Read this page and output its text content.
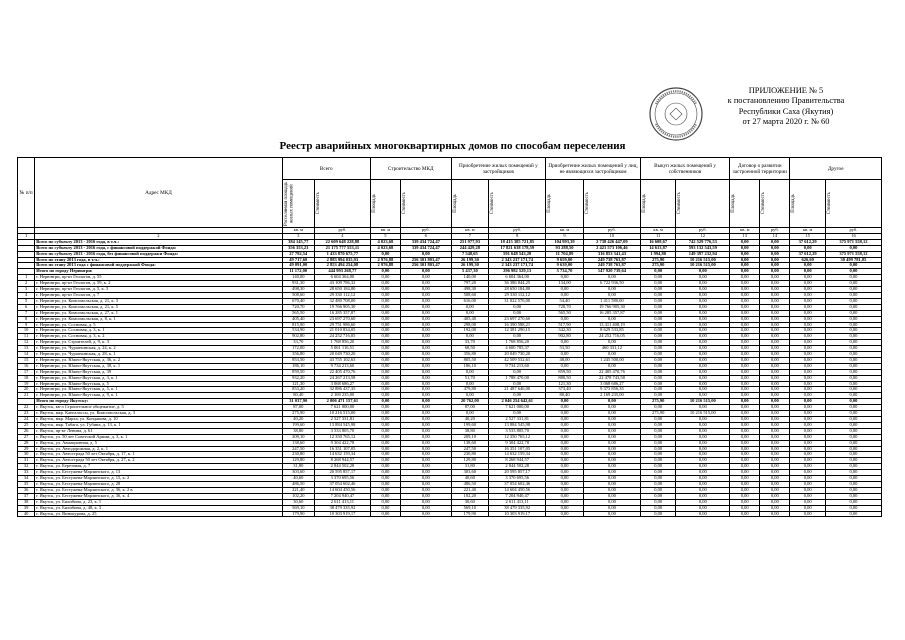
ПРИЛОЖЕНИЕ № 5
к постановлению Правительства
Республики Саха (Якутия)
от 27 марта 2020 г. № 60
Реестр аварийных многоквартирных домов по способам переселения
№ п/п	Адрес МКД	Всего		Строительство МКД		Приобретение жилых помещений у застройщиков		Приобретение жилых помещений у лиц, не являющихся застройщиком		Выкуп жилых помещений у собственников		Договор о развитии застроенной территории		Другое	

		Расселяемая площадь жилых помещений	Стоимость	Площадь	Стоимость	Площадь	Стоимость	Площадь	Стоимость	Площадь	Стоимость	Площадь	Стоимость	Площадь	Стоимость

		кв. м	руб.	кв. м	руб.	кв. м	руб.	кв. м	руб.	кв. м	руб.	кв. м	руб.	кв. м	руб.
1	2	3	4	5	6	7	8	9	10	11	12	13	14	15	16
	Всего по субъекту 2013 - 2016 года, в т.ч.:	384 145,77	22 609 648 228,88	4 023,68	339 434 724,47	251 977,93	18 415 385 721,85	104 993,39	2 738 426 447,09	16 608,67	742 529 776,53	0,00	0,00	37 612,29	375 971 558,12
	Всего по субъекту 2013 - 2016 года, с финансовой поддержкой Фонда:	356 353,23	21 175 777 553,11	4 023,68	339 434 724,47	244 429,28	17 821 638 178,59	93 288,50	2 421 573 106,46	14 613,87	593 132 543,59	0,00	0,00	0,00	0,00
	Всего по субъекту 2013 - 2016 года, без финансовой поддержки Фонда:	27 792,54	1 433 870 675,77	0,00	0,00	7 548,65	591 648 543,28	11 704,89	316 853 341,43	1 994,80	149 397 232,94	0,00	0,00	37 612,29	375 971 558,12
	Всего по этапу 2013 года, в т.ч.:	49 717,60	2 883 994 035,93	2 976,88	256 301 803,47	26 199,30	2 343 237 171,74	9 659,00	249 738 763,87	275,90	10 216 515,00	0,00	0,00	626,60	30 499 781,85
	Всего по этапу 2013 года с финансовой поддержкой Фонда:	49 091,00	2 853 494 254,08	2 976,88	256 301 803,47	26 199,30	2 343 237 171,74	9 639,00	249 738 763,87	275,90	10 216 515,00	0,00	0,00	0,00	0,00
	Итого по городу Нерюнгри:	11 172,00	444 993 268,77	0,00	0,00	5 437,30	296 982 529,13	5 734,70	147 920 739,64	0,00	0,00	0,00	0,00	0,00	0,00
1	г. Нерюнгри, пр-кт Геологов, д. 55	140,00	6 604 364,00	0,00	0,00	140,00	6 604 364,00	0,00	0,00	0,00	0,00	0,00	0,00	0,00	0,00
2	г. Нерюнгри, пр-кт Геологов, д. 59, к. 2	931,30	43 109 786,32	0,00	0,00	797,20	36 386 844,25	134,00	6 722 936,50	0,00	0,00	0,00	0,00	0,00	0,00
3	г. Нерюнгри, пр-кт Геологов, д. 5, к. 3	498,30	28 650 184,80	0,00	0,00	498,30	28 650 184,80	0,00	0,00	0,00	0,00	0,00	0,00	0,00	0,00
4	г. Нерюнгри, пр-кт Геологов, д. 7	508,60	29 330 112,12	0,00	0,00	508,60	29 330 112,12	0,00	0,00	0,00	0,00	0,00	0,00	0,00	0,00
5	г. Нерюнгри, ул. Комсомольская, д. 21, к. 3	670,40	32 480 708,00	0,00	0,00	616,00	31 022 576,00	54,40	1 411 580,00	0,00	0,00	0,00	0,00	0,00	0,00
6	г. Нерюнгри, ул. Комсомольская, д. 21, к. 5	720,70	19 766 905,30	0,00	0,00	0,00	0,00	720,70	19 766 905,30	0,00	0,00	0,00	0,00	0,00	0,00
7	г. Нерюнгри, ул. Комсомольская, д. 27, к. 1	565,50	16 285 357,87	0,00	0,00	0,00	0,00	565,50	16 285 357,87	0,00	0,00	0,00	0,00	0,00	0,00
8	г. Нерюнгри, ул. Комсомольская, д. 8, к. 1	405,40	23 697 270,60	0,00	0,00	405,40	23 697 270,60	0,00	0,00	0,00	0,00	0,00	0,00	0,00	0,00
9	г. Нерюнгри, ул. Сосновая, д. 5	815,90	29 751 986,60	0,00	0,00	298,00	16 390 588,21	517,90	13 411 408,19	0,00	0,00	0,00	0,00	0,00	0,00
10	г. Нерюнгри, ул. Сосновая, д. 3, к. 1	534,90	21 010 834,05	0,00	0,00	192,00	12 381 290,15	342,30	8 629 533,85	0,00	0,00	0,00	0,00	0,00	0,00
11	г. Нерюнгри, ул. Сосновая, д. 3, к. 2	902,80	24 252 716,05	0,00	0,00	0,00	0,00	902,80	24 252 716,05	0,00	0,00	0,00	0,00	0,00	0,00
12	г. Нерюнгри, ул. Строителей, д. 9, к. 3	33,70	1 768 856,20	0,00	0,00	33,70	1 768 856,20	0,00	0,00	0,00	0,00	0,00	0,00	0,00	0,00
13	г. Нерюнгри, ул. Чурапчинская, д. 24, к. 2	172,00	5 061 116,51	0,00	0,00	68,50	4 600 785,37	53,50	460 331,12	0,00	0,00	0,00	0,00	0,00	0,00
14	г. Нерюнгри, ул. Чурапчинская, д. 28, к. 1	356,80	20 049 730,20	0,00	0,00	356,80	20 049 730,20	0,00	0,00	0,00	0,00	0,00	0,00	0,00	0,00
15	г. Нерюнгри, ул. Южно-Якутская, д. 36, к. 2	853,50	43 755 102,63	0,00	0,00	805,50	42 509 532,61	48,00	1 245 500,00	0,00	0,00	0,00	0,00	0,00	0,00
16	г. Нерюнгри, ул. Южно-Якутская, д. 38, к. 1	186,10	9 734 213,60	0,00	0,00	186,10	9 734 213,60	0,00	0,00	0,00	0,00	0,00	0,00	0,00	0,00
17	г. Нерюнгри, ул. Южно-Якутская, д. 39	859,50	22 405 470,76	0,00	0,00	0,00	0,00	859,50	22 405 470,76	0,00	0,00	0,00	0,00	0,00	0,00
18	г. Нерюнгри, ул. Южно-Якутская, д. 3, к. 1	932,20	24 267 213,58	0,00	0,00	51,70	1 788 470,00	880,50	22 478 743,58	0,00	0,00	0,00	0,00	0,00	0,00
19	г. Нерюнгри, ул. Южно-Якутская, д. 5	121,30	3 068 686,27	0,00	0,00	0,00	0,00	121,30	3 068 686,27	0,00	0,00	0,00	0,00	0,00	0,00
20	г. Нерюнгри, ул. Южно-Якутская, д. 5, к. 1	853,20	32 886 437,35	0,00	0,00	479,80	21 487 646,00	373,40	9 373 856,35	0,00	0,00	0,00	0,00	0,00	0,00
21	г. Нерюнгри, ул. Южно-Якутская, д. 9, к. 1	80,40	2 169 235,00	0,00	0,00	0,00	0,00	80,40	2 169 235,00	0,00	0,00	0,00	0,00	0,00	0,00
	Итого по городу Якутску:	31 037,90	2 006 471 157,61	0,00	0,00	20 762,00	2 046 254 642,61	0,00	0,00	275,90	10 216 515,00	0,00	0,00	0,00	0,00
22	г. Якутск, кв-л Строительное общежитие, д. 5	87,00	7 621 000,00	0,00	0,00	87,00	7 621 000,00	0,00	0,00	0,00	0,00	0,00	0,00	0,00	0,00
23	г. Якутск, мкр. Кангалассы, ул. Комсомольская, д. 3	275,90	10 216 515,00	0,00	0,00	0,00	0,00	0,00	0,00	275,90	10 216 515,00	0,00	0,00	0,00	0,00
24	г. Якутск, мкр. Марха, ул. Кондакова, д. 10	40,20	2 527 331,81	0,00	0,00	40,20	2 527 331,81	0,00	0,00	0,00	0,00	0,00	0,00	0,00	0,00
25	г. Якутск, мкр. Табага, ул. Губина, д. 13, к. 1	199,60	13 884 545,98	0,00	0,00	199,60	13 884 545,98	0,00	0,00	0,00	0,00	0,00	0,00	0,00	0,00
26	г. Якутск, пр-кт Ленина, д. 61	38,80	3 533 805,70	0,00	0,00	38,80	3 533 805,70	0,00	0,00	0,00	0,00	0,00	0,00	0,00	0,00
27	г. Якутск, ул. 50 лет Советской Армии, д. 3, к. 1	209,10	12 350 765,12	0,00	0,00	209,10	12 350 765,12	0,00	0,00	0,00	0,00	0,00	0,00	0,00	0,00
28	г. Якутск, ул. Авиационная, д. 5	138,60	9 304 422,78	0,00	0,00	138,60	9 304 422,78	0,00	0,00	0,00	0,00	0,00	0,00	0,00	0,00
29	г. Якутск, ул. Автодорожная, д. 2, к. 1	247,50	16 351 107,05	0,00	0,00	247,50	16 351 107,05	0,00	0,00	0,00	0,00	0,00	0,00	0,00	0,00
30	г. Якутск, ул. Автострада 50 лет Октября, д. 17, к. 1	230,80	14 632 159,34	0,00	0,00	230,80	14 632 159,34	0,00	0,00	0,00	0,00	0,00	0,00	0,00	0,00
31	г. Якутск, ул. Автострада 50 лет Октября, д. 27, к. 2	129,80	8 268 944,57	0,00	0,00	129,80	8 268 944,57	0,00	0,00	0,00	0,00	0,00	0,00	0,00	0,00
32	г. Якутск, ул. Березовая, д. 7	31,80	2 844 502,28	0,00	0,00	31,80	2 844 502,28	0,00	0,00	0,00	0,00	0,00	0,00	0,00	0,00
33	г. Якутск, ул. Бестужева-Марлинского, д. 13	303,60	20 595 857,17	0,00	0,00	303,60	20 595 857,17	0,00	0,00	0,00	0,00	0,00	0,00	0,00	0,00
34	г. Якутск, ул. Бестужева-Марлинского, д. 15, к. 2	40,60	3 370 695,56	0,00	0,00	40,60	3 370 695,56	0,00	0,00	0,00	0,00	0,00	0,00	0,00	0,00
35	г. Якутск, ул. Бестужева-Марлинского, д. 28	486,50	37 054 602,46	0,00	0,00	486,50	37 054 602,46	0,00	0,00	0,00	0,00	0,00	0,00	0,00	0,00
36	г. Якутск, ул. Бестужева-Марлинского, д. 36, к. 2 в	221,40	14 604 450,56	0,00	0,00	221,40	14 604 450,56	0,00	0,00	0,00	0,00	0,00	0,00	0,00	0,00
37	г. Якутск, ул. Бестужева-Марлинского, д. 36, к. 4	102,20	7 204 940,47	0,00	0,00	102,20	7 204 940,47	0,00	0,00	0,00	0,00	0,00	0,00	0,00	0,00
38	г. Якутск, ул. Билибина, д. 23, к. 1	30,60	2 611 413,11	0,00	0,00	30,60	2 611 413,11	0,00	0,00	0,00	0,00	0,00	0,00	0,00	0,00
39	г. Якутск, ул. Билибина, д. 48, к. 3	569,10	38 479 335,92	0,00	0,00	569,10	38 479 335,92	0,00	0,00	0,00	0,00	0,00	0,00	0,00	0,00
40	г. Якутск, ул. Винокурова, д. 25	179,90	10 303 919,17	0,00	0,00	179,90	10 303 919,17	0,00	0,00	0,00	0,00	0,00	0,00	0,00	0,00
